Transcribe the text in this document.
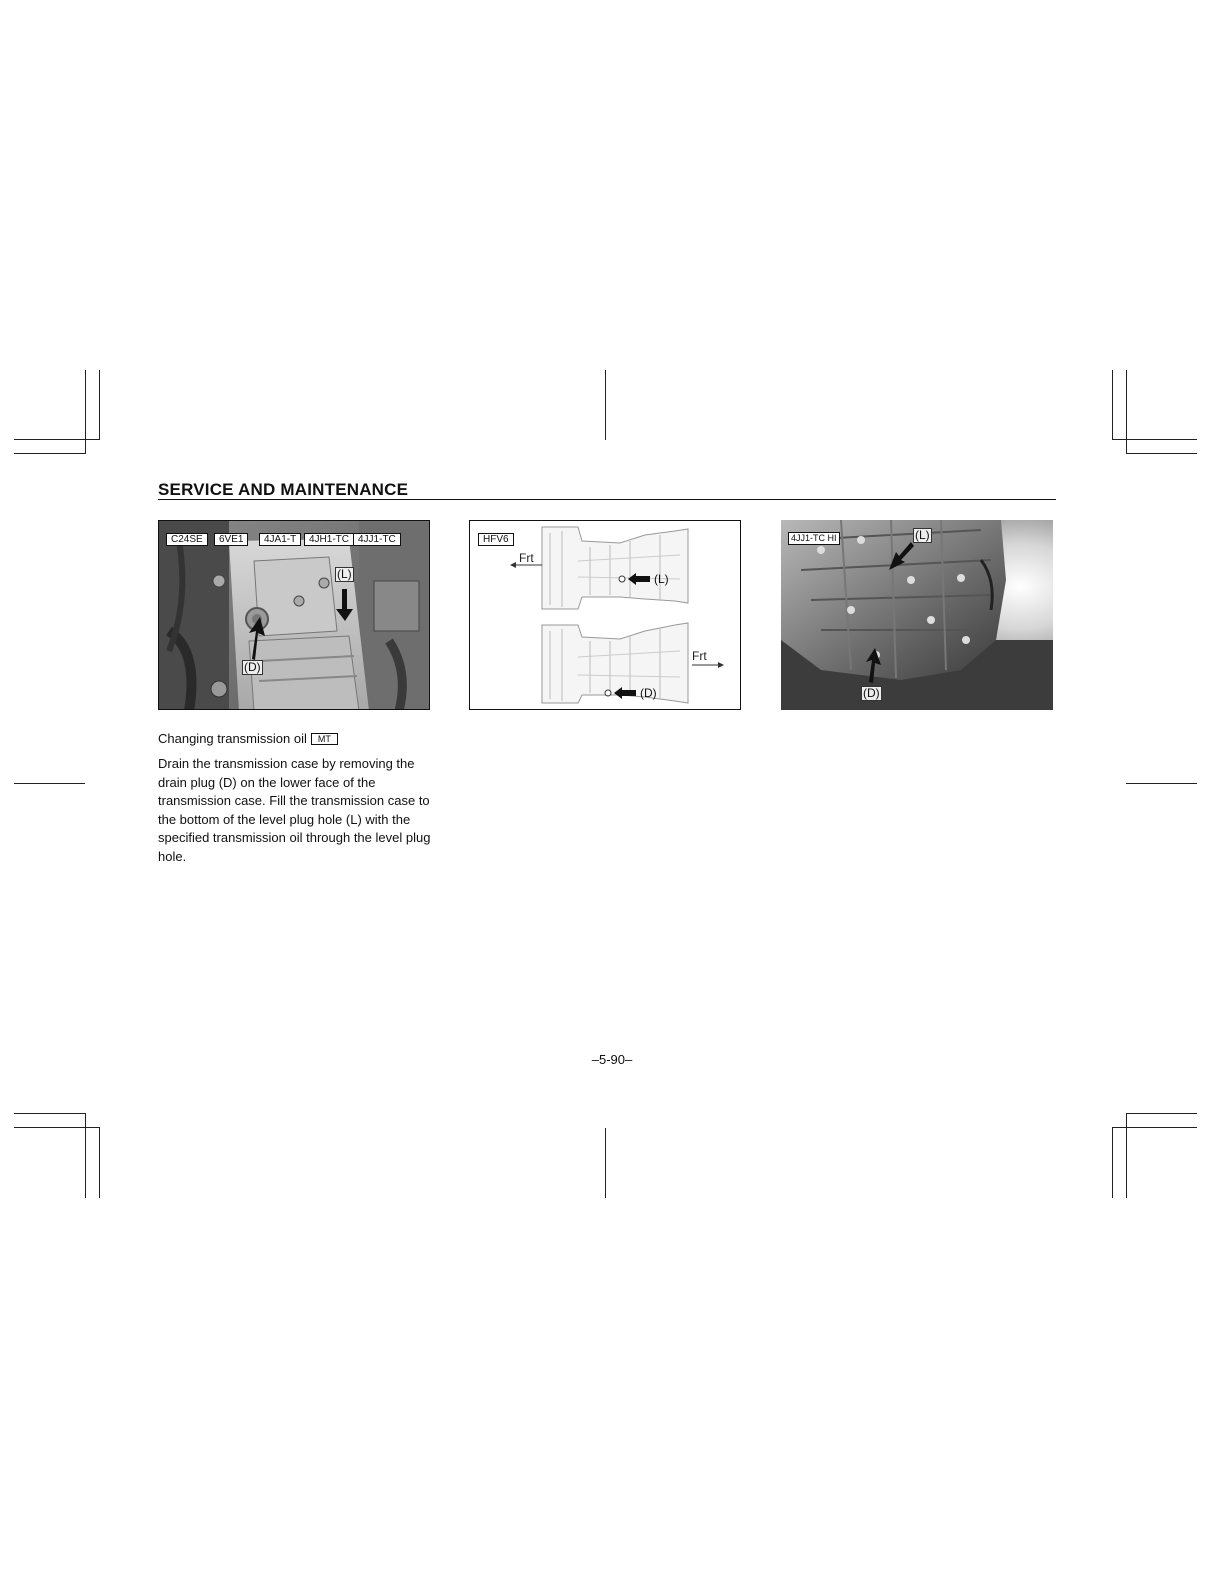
SERVICE AND MAINTENANCE
C24SE	6VE1	4JA1-T	4JH1-TC 4JJ1-TC
(L)
(D)
HFV6
Frt
Frt
(L)
(D)
4JJ1-TC HI	(L)
(D)
Changing transmission oil MT
Drain the transmission case by removing the drain plug (D) on the lower face of the transmission case. Fill the transmission case to the bottom of the level plug hole (L) with the specified transmission oil through the level plug hole.
–5-90–
